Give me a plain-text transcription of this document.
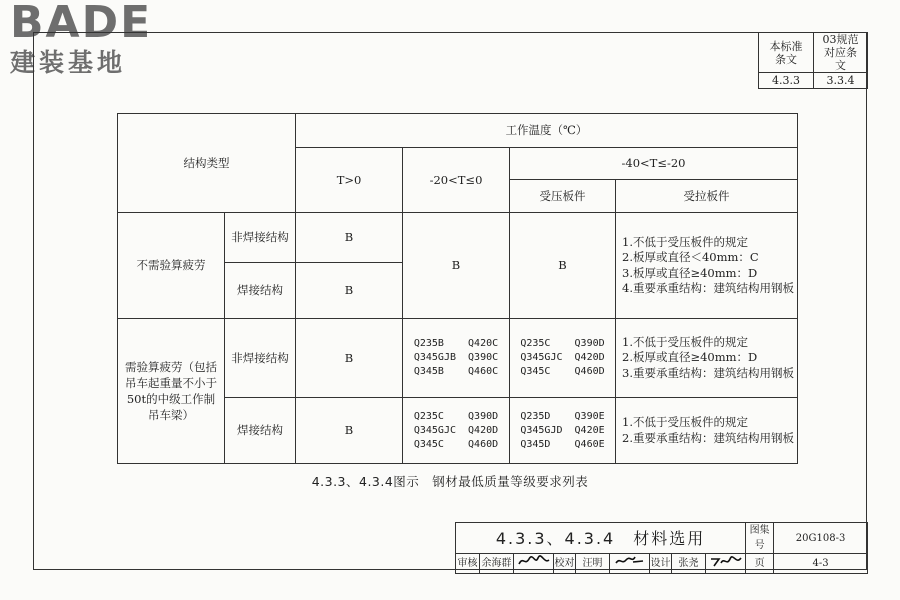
BADE
建装基地
本标准条文	03规范对应条文
4.3.3	3.3.4
结构类型		工作温度（℃）			
		T>0	-20<T≤0	-40<T≤-20	
				受压板件	受拉板件
不需验算疲劳	非焊接结构	B	B	B	1.不低于受压板件的规定
2.板厚或直径＜40mm：C
3.板厚或直径≥40mm：D
4.重要承重结构：建筑结构用钢板
	焊接结构	B			
需验算疲劳（包括吊车起重量不小于50t的中级工作制吊车梁）	非焊接结构	B	Q235B    Q420C
Q345GJB  Q390C
Q345B    Q460C	Q235C    Q390D
Q345GJC  Q420D
Q345C    Q460D	1.不低于受压板件的规定
2.板厚或直径≥40mm：D
3.重要承重结构：建筑结构用钢板
	焊接结构	B	Q235C    Q390D
Q345GJC  Q420D
Q345C    Q460D	Q235D    Q390E
Q345GJD  Q420E
Q345D    Q460E	1.不低于受压板件的规定
2.重要承重结构：建筑结构用钢板
4.3.3、4.3.4图示　钢材最低质量等级要求列表
4.3.3、4.3.4　材料选用									图集号	20G108-3
审核	余海群		校对	汪明		设计	张尧		页	4-3
